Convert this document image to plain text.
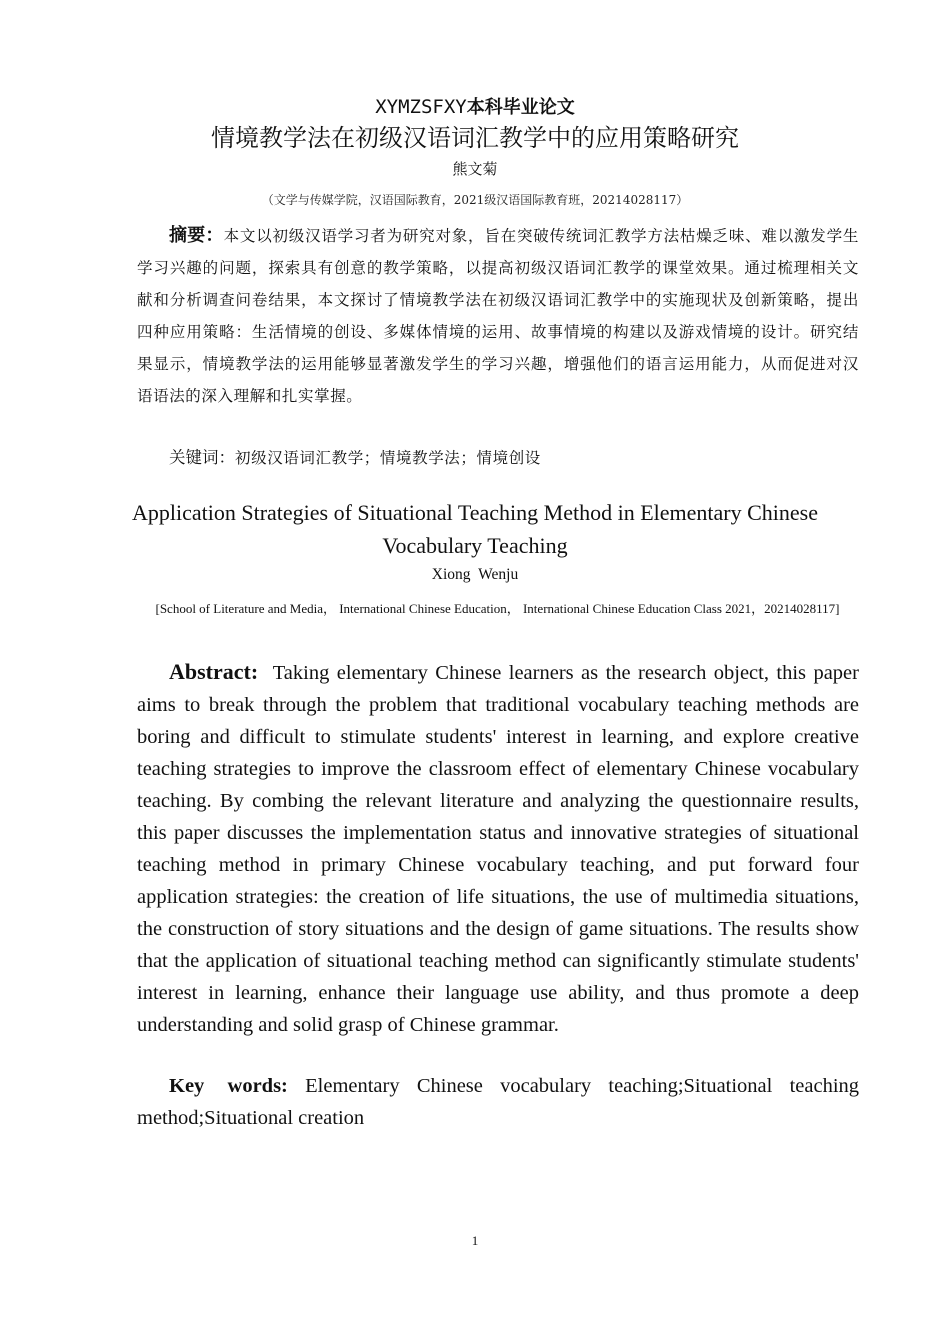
XYMZSFXY本科毕业论文
情境教学法在初级汉语词汇教学中的应用策略研究
熊文菊
（文学与传媒学院，汉语国际教育，2021级汉语国际教育班，20214028117）

摘要：本文以初级汉语学习者为研究对象，旨在突破传统词汇教学方法枯燥乏味、难以激发学生学习兴趣的问题，探索具有创意的教学策略，以提高初级汉语词汇教学的课堂效果。通过梳理相关文献和分析调查问卷结果，本文探讨了情境教学法在初级汉语词汇教学中的实施现状及创新策略，提出四种应用策略：生活情境的创设、多媒体情境的运用、故事情境的构建以及游戏情境的设计。研究结果显示，情境教学法的运用能够显著激发学生的学习兴趣，增强他们的语言运用能力，从而促进对汉语语法的深入理解和扎实掌握。

关键词：初级汉语词汇教学；情境教学法；情境创设

Application Strategies of Situational Teaching Method in Elementary Chinese Vocabulary Teaching
Xiong Wenju

[School of Literature and Media， International Chinese Education， International Chinese Education Class 2021，20214028117]

Abstract: Taking elementary Chinese learners as the research object, this paper aims to break through the problem that traditional vocabulary teaching methods are boring and difficult to stimulate students' interest in learning, and explore creative teaching strategies to improve the classroom effect of elementary Chinese vocabulary teaching. By combing the relevant literature and analyzing the questionnaire results, this paper discusses the implementation status and innovative strategies of situational teaching method in primary Chinese vocabulary teaching, and put forward four application strategies: the creation of life situations, the use of multimedia situations, the construction of story situations and the design of game situations. The results show that the application of situational teaching method can significantly stimulate students' interest in learning, enhance their language use ability, and thus promote a deep understanding and solid grasp of Chinese grammar.

Key words: Elementary Chinese vocabulary teaching;Situational teaching method;Situational creation

1
